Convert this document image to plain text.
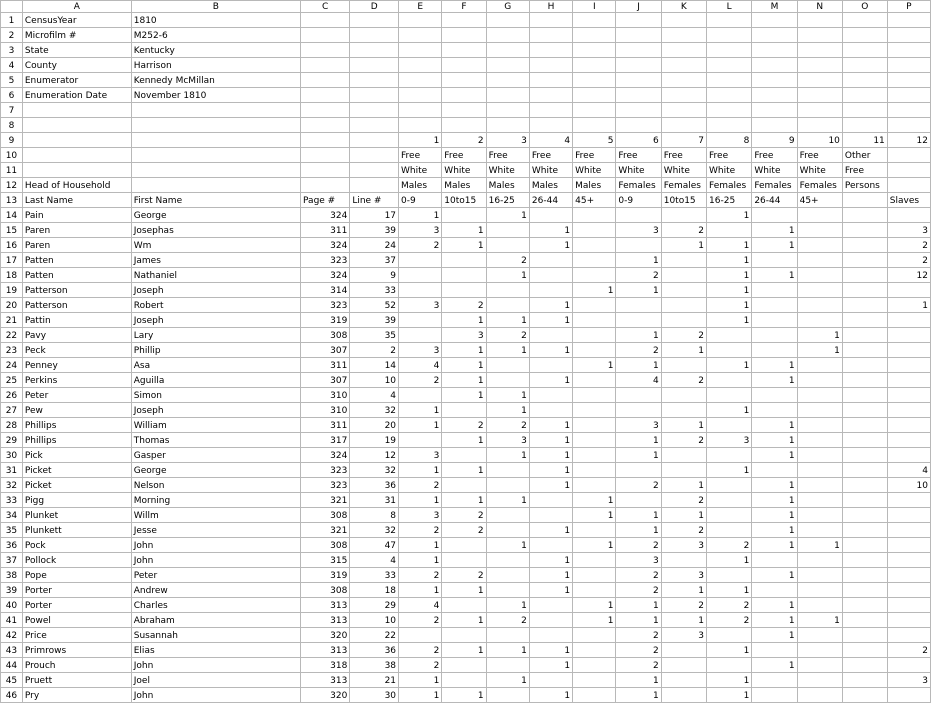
	A	B	C	D	E	F	G	H	I	J	K	L	M	N	O	P
1	CensusYear	1810														
2	Microfilm #	M252-6														
3	State	Kentucky														
4	County	Harrison														
5	Enumerator	Kennedy McMillan														
6	Enumeration Date	November 1810														
7																
8																
9					1	2	3	4	5	6	7	8	9	10	11	12
10					Free	Free	Free	Free	Free	Free	Free	Free	Free	Free	Other	
11					White	White	White	White	White	White	White	White	White	White	Free	
12	Head of Household				Males	Males	Males	Males	Males	Females	Females	Females	Females	Females	Persons	
13	Last Name	First Name	Page #	Line #	0-9	10to15	16-25	26-44	45+	0-9	10to15	16-25	26-44	45+		Slaves
14	Pain	George	324	17	1		1					1				
15	Paren	Josephas	311	39	3	1		1		3	2		1			3
16	Paren	Wm	324	24	2	1		1			1	1	1			2
17	Patten	James	323	37			2			1		1				2
18	Patten	Nathaniel	324	9			1			2		1	1			12
19	Patterson	Joseph	314	33					1	1		1				
20	Patterson	Robert	323	52	3	2		1				1				1
21	Pattin	Joseph	319	39		1	1	1				1				
22	Pavy	Lary	308	35		3	2			1	2			1		
23	Peck	Phillip	307	2	3	1	1	1		2	1			1		
24	Penney	Asa	311	14	4	1			1	1		1	1			
25	Perkins	Aguilla	307	10	2	1		1		4	2		1			
26	Peter	Simon	310	4		1	1									
27	Pew	Joseph	310	32	1		1					1				
28	Phillips	William	311	20	1	2	2	1		3	1		1			
29	Phillips	Thomas	317	19		1	3	1		1	2	3	1			
30	Pick	Gasper	324	12	3		1	1		1			1			
31	Picket	George	323	32	1	1		1				1				4
32	Picket	Nelson	323	36	2			1		2	1		1			10
33	Pigg	Morning	321	31	1	1	1		1		2		1			
34	Plunket	Willm	308	8	3	2			1	1	1		1			
35	Plunkett	Jesse	321	32	2	2		1		1	2		1			
36	Pock	John	308	47	1		1		1	2	3	2	1	1		
37	Pollock	John	315	4	1			1		3		1				
38	Pope	Peter	319	33	2	2		1		2	3		1			
39	Porter	Andrew	308	18	1	1		1		2	1	1				
40	Porter	Charles	313	29	4		1		1	1	2	2	1			
41	Powel	Abraham	313	10	2	1	2		1	1	1	2	1	1		
42	Price	Susannah	320	22						2	3		1			
43	Primrows	Elias	313	36	2	1	1	1		2		1				2
44	Prouch	John	318	38	2			1		2			1			
45	Pruett	Joel	313	21	1		1			1		1				3
46	Pry	John	320	30	1	1		1		1		1				
